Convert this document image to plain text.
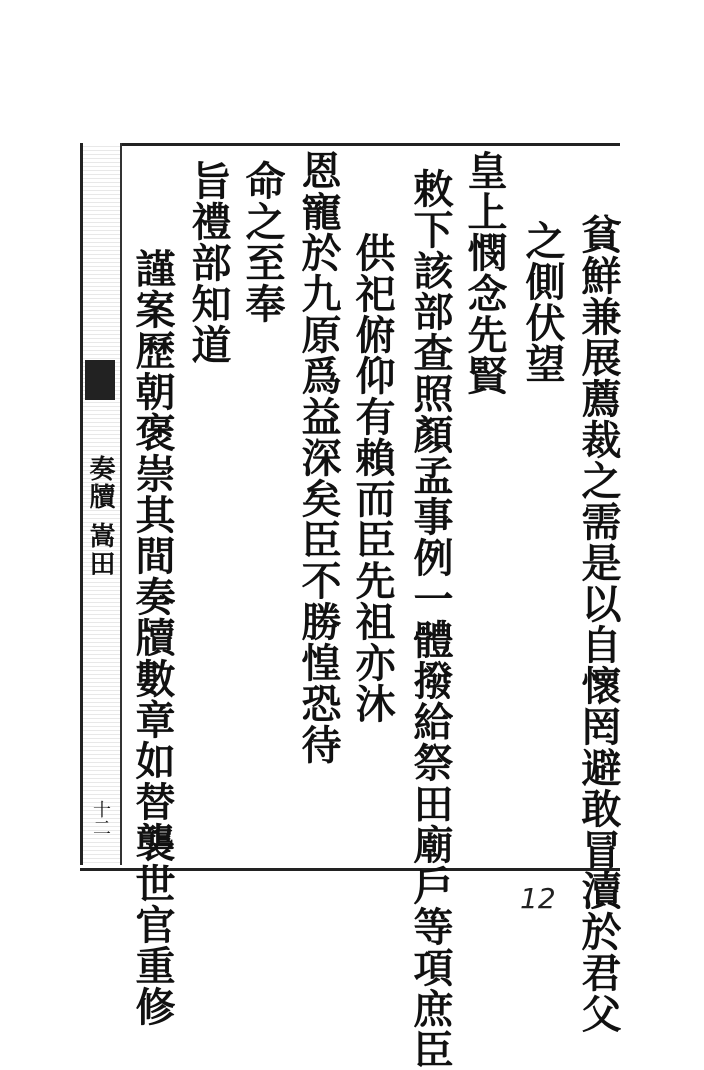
奏牘 嵩田
十二	貧鮮兼展薦裁之需是以自懷罔避敢冒瀆於君父
之側伏望
皇上憫念先賢
敕下該部查照顏孟事例一體撥給祭田廟戶等項庶臣
供祀俯仰有賴而臣先祖亦沐
恩寵於九原爲益深矣臣不勝惶恐待
命之至奉
旨禮部知道
謹案歷朝褒崇其間奏牘數章如替襲世官重修	12
